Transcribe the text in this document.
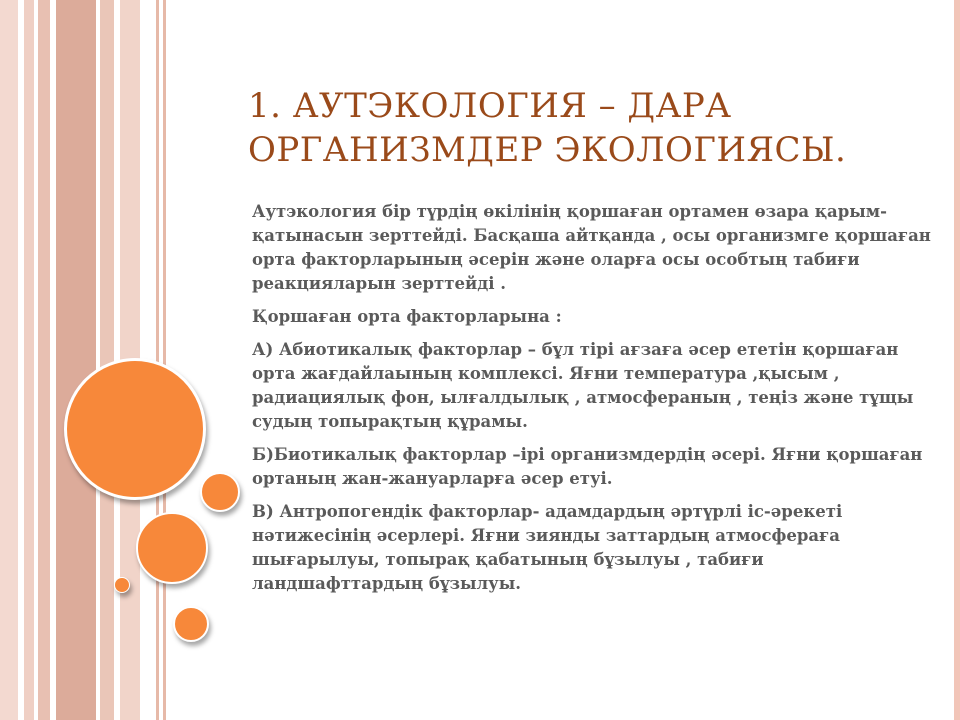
1. АУТЭКОЛОГИЯ – ДАРА
ОРГАНИЗМДЕР ЭКОЛОГИЯСЫ.

Аутэкология бір түрдің өкілінің қоршаған ортамен өзара қарым-қатынасын зерттейді. Басқаша айтқанда , осы организмге қоршаған орта факторларының әсерін және оларға осы особтың табиғи реакцияларын зерттейді .

Қоршаған орта факторларына :

А) Абиотикалық факторлар – бұл тірі ағзаға әсер ететін қоршаған орта жағдайлаының комплексі. Яғни температура ,қысым , радиациялық фон, ылғалдылық , атмосфераның , теңіз және тұщы судың топырақтың құрамы.

Б)Биотикалық факторлар –ірі организмдердің әсері. Яғни қоршаған ортаның жан-жануарларға әсер етуі.

В) Антропогендік факторлар- адамдардың әртүрлі іс-әрекеті нәтижесінің әсерлері. Яғни зиянды заттардың атмосфераға шығарылуы, топырақ қабатының бұзылуы , табиғи ландшафттардың бұзылуы.
